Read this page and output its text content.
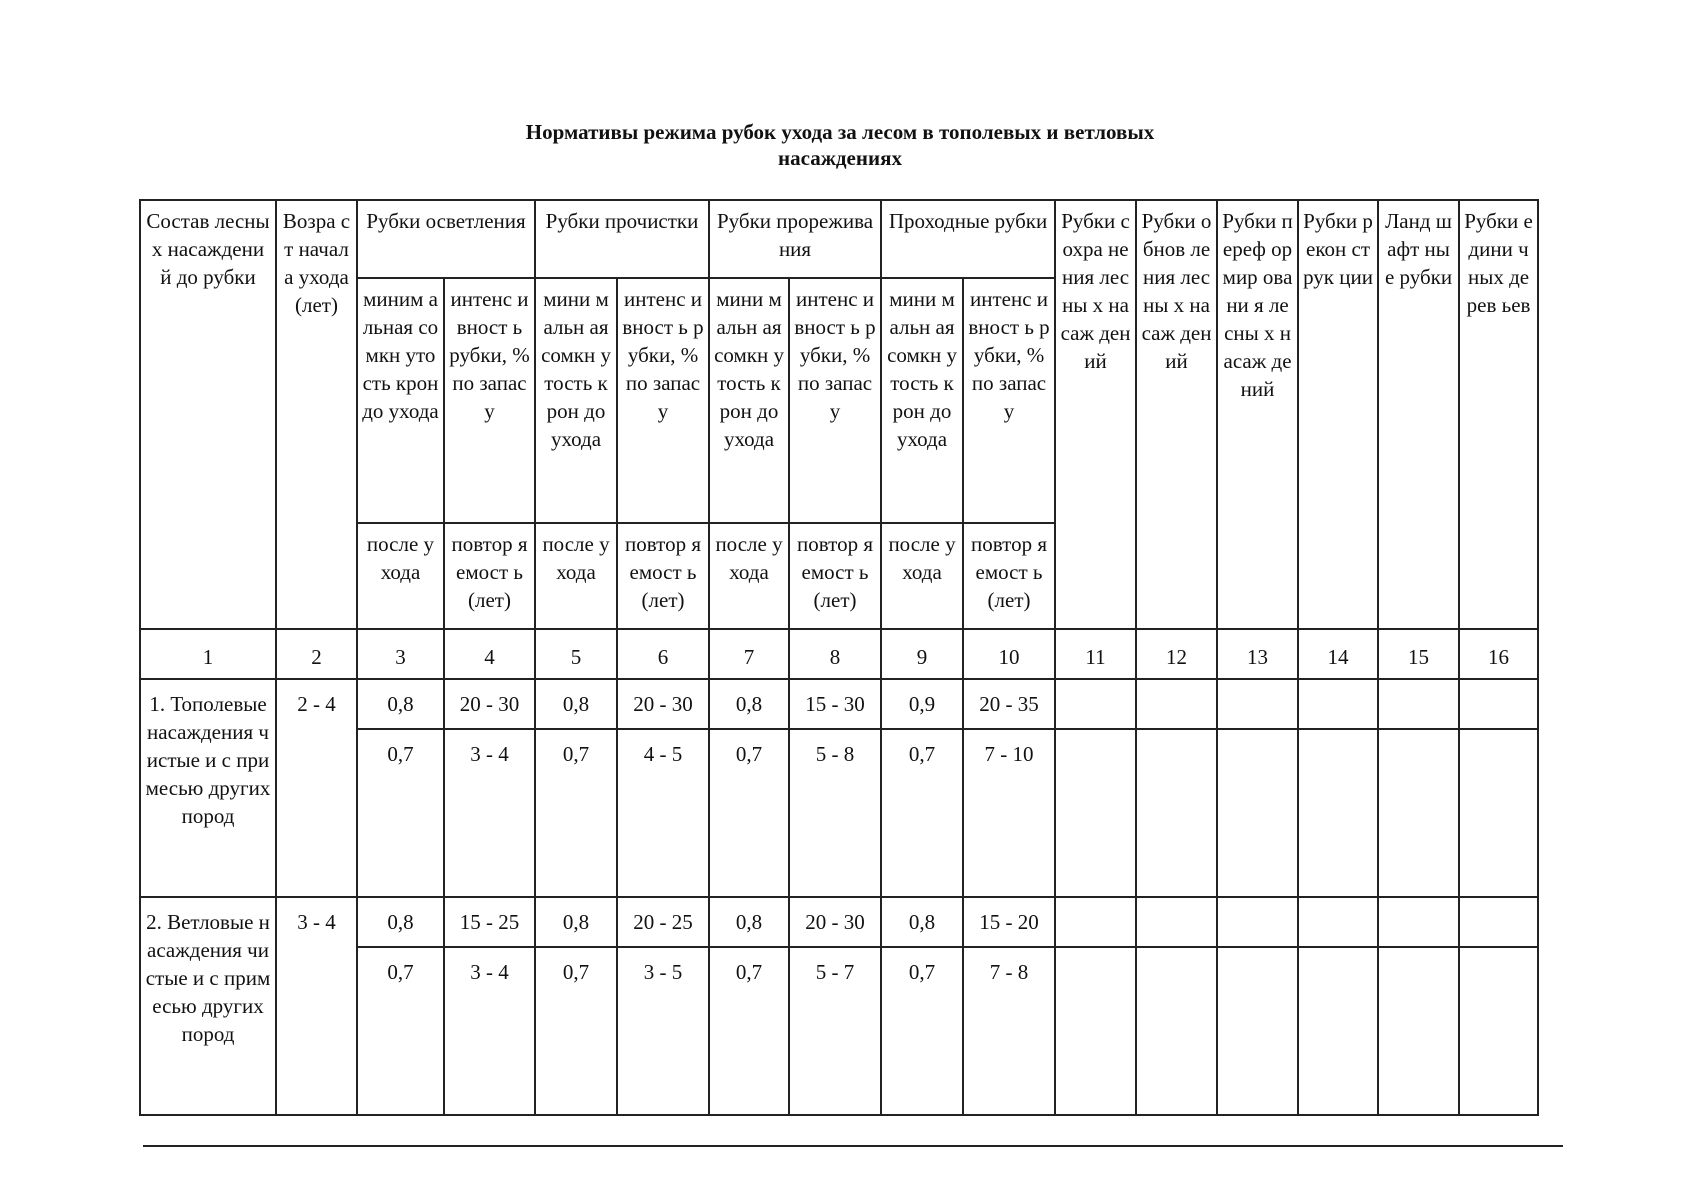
Нормативы режима рубок ухода за лесом в тополевых и ветловых
насаждениях
Состав лесных насаждени й до рубки	Возра ст начал а ухода (лет)	Рубки осветления		Рубки прочистки		Рубки прореживания		Проходные рубки		Рубки сохра нения лесны х насаж дений	Рубки обнов ления лесны х насаж дений	Рубки переф ормир овани я лесны х насаж дений	Рубки рекон струк ции	Ланд шафт ные рубки	Рубки едини чных дерев ьев
		миним альная сомкн утость крон до ухода	интенс ивност ь рубки, % по запасу	мини мальн ая сомкн утость крон до ухода	интенс ивност ь рубки, % по запасу	мини мальн ая сомкн утость крон до ухода	интенс ивност ь рубки, % по запасу	мини мальн ая сомкн утость крон до ухода	интенс ивност ь рубки, % по запасу						
		после ухода	повтор яемост ь (лет)	после ухода	повтор яемост ь (лет)	после ухода	повтор яемост ь (лет)	после ухода	повтор яемост ь (лет)						
1	2	3	4	5	6	7	8	9	10	11	12	13	14	15	16
1. Тополевые насаждения чистые и с примесью других пород	2 - 4	0,8	20 - 30	0,8	20 - 30	0,8	15 - 30	0,9	20 - 35						
		0,7	3 - 4	0,7	4 - 5	0,7	5 - 8	0,7	7 - 10						
2. Ветловые насаждения чистые и с примесью других пород	3 - 4	0,8	15 - 25	0,8	20 - 25	0,8	20 - 30	0,8	15 - 20						
		0,7	3 - 4	0,7	3 - 5	0,7	5 - 7	0,7	7 - 8						
